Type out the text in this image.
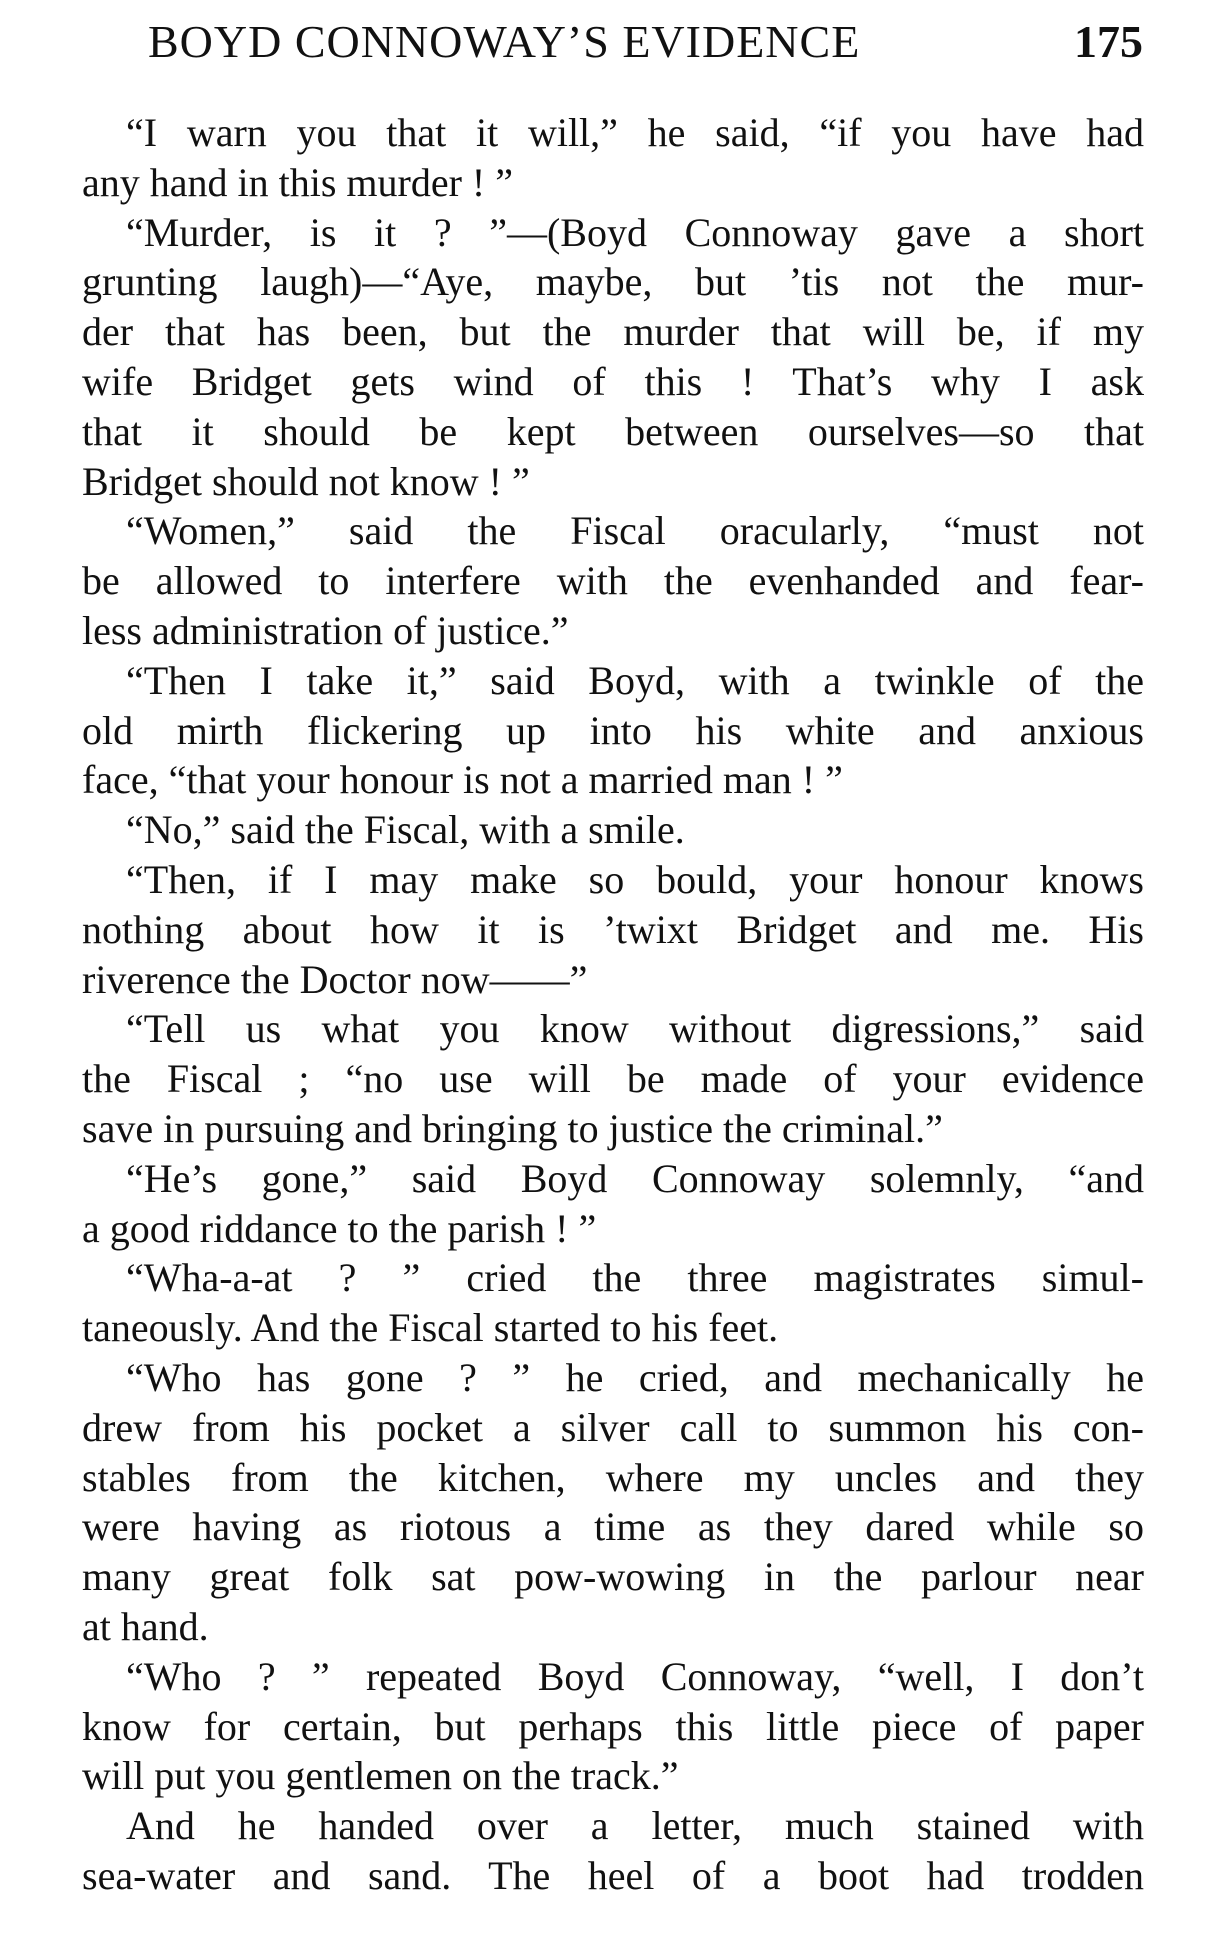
BOYD CONNOWAY’S EVIDENCE	175
“I warn you that it will,” he said, “if you have had
any hand in this murder ! ”
“Murder, is it ? ”—(Boyd Connoway gave a short
grunting laugh)—“Aye, maybe, but ’tis not the mur-
der that has been, but the murder that will be, if my
wife Bridget gets wind of this ! That’s why I ask
that it should be kept between ourselves—so that
Bridget should not know ! ”
“Women,” said the Fiscal oracularly, “must not
be allowed to interfere with the evenhanded and fear-
less administration of justice.”
“Then I take it,” said Boyd, with a twinkle of the
old mirth flickering up into his white and anxious
face, “that your honour is not a married man ! ”
“No,” said the Fiscal, with a smile.
“Then, if I may make so bould, your honour knows
nothing about how it is ’twixt Bridget and me. His
riverence the Doctor now——”
“Tell us what you know without digressions,” said
the Fiscal ; “no use will be made of your evidence
save in pursuing and bringing to justice the criminal.”
“He’s gone,” said Boyd Connoway solemnly, “and
a good riddance to the parish ! ”
“Wha-a-at ? ” cried the three magistrates simul-
taneously. And the Fiscal started to his feet.
“Who has gone ? ” he cried, and mechanically he
drew from his pocket a silver call to summon his con-
stables from the kitchen, where my uncles and they
were having as riotous a time as they dared while so
many great folk sat pow-wowing in the parlour near
at hand.
“Who ? ” repeated Boyd Connoway, “well, I don’t
know for certain, but perhaps this little piece of paper
will put you gentlemen on the track.”
And he handed over a letter, much stained with
sea-water and sand. The heel of a boot had trodden
